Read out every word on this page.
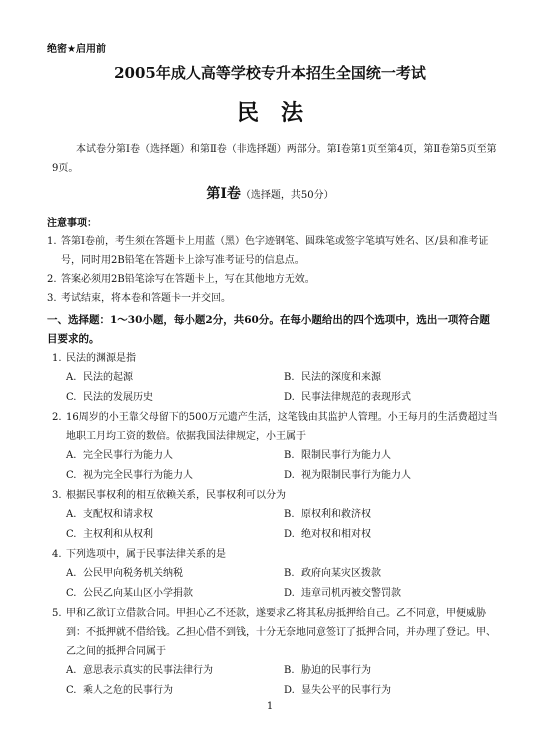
绝密★启用前
2005年成人高等学校专升本招生全国统一考试
民法
本试卷分第Ⅰ卷（选择题）和第Ⅱ卷（非选择题）两部分。第Ⅰ卷第1页至第4页，第Ⅱ卷第5页至第9页。
第Ⅰ卷（选择题，共50分）
注意事项：
1. 答第Ⅰ卷前，考生须在答题卡上用蓝（黑）色字迹钢笔、圆珠笔或签字笔填写姓名、区/县和准考证号，同时用2B铅笔在答题卡上涂写准考证号的信息点。
2. 答案必须用2B铅笔涂写在答题卡上，写在其他地方无效。
3. 考试结束，将本卷和答题卡一并交回。
一、选择题：1～30小题，每小题2分，共60分。在每小题给出的四个选项中，选出一项符合题目要求的。
1. 民法的渊源是指
A. 民法的起源	B. 民法的深度和来源
C. 民法的发展历史	D. 民事法律规范的表现形式
2. 16周岁的小王靠父母留下的500万元遗产生活，这笔钱由其监护人管理。小王每月的生活费超过当地职工月均工资的数倍。依据我国法律规定，小王属于
A. 完全民事行为能力人	B. 限制民事行为能力人
C. 视为完全民事行为能力人	D. 视为限制民事行为能力人
3. 根据民事权利的相互依赖关系，民事权利可以分为
A. 支配权和请求权	B. 原权利和救济权
C. 主权利和从权利	D. 绝对权和相对权
4. 下列选项中，属于民事法律关系的是
A. 公民甲向税务机关纳税	B. 政府向某灾区拨款
C. 公民乙向某山区小学捐款	D. 违章司机丙被交警罚款
5. 甲和乙欲订立借款合同。甲担心乙不还款，遂要求乙将其私房抵押给自己。乙不同意，甲便威胁到：不抵押就不借给钱。乙担心借不到钱，十分无奈地同意签订了抵押合同，并办理了登记。甲、乙之间的抵押合同属于
A. 意思表示真实的民事法律行为	B. 胁迫的民事行为
C. 乘人之危的民事行为	D. 显失公平的民事行为
1
